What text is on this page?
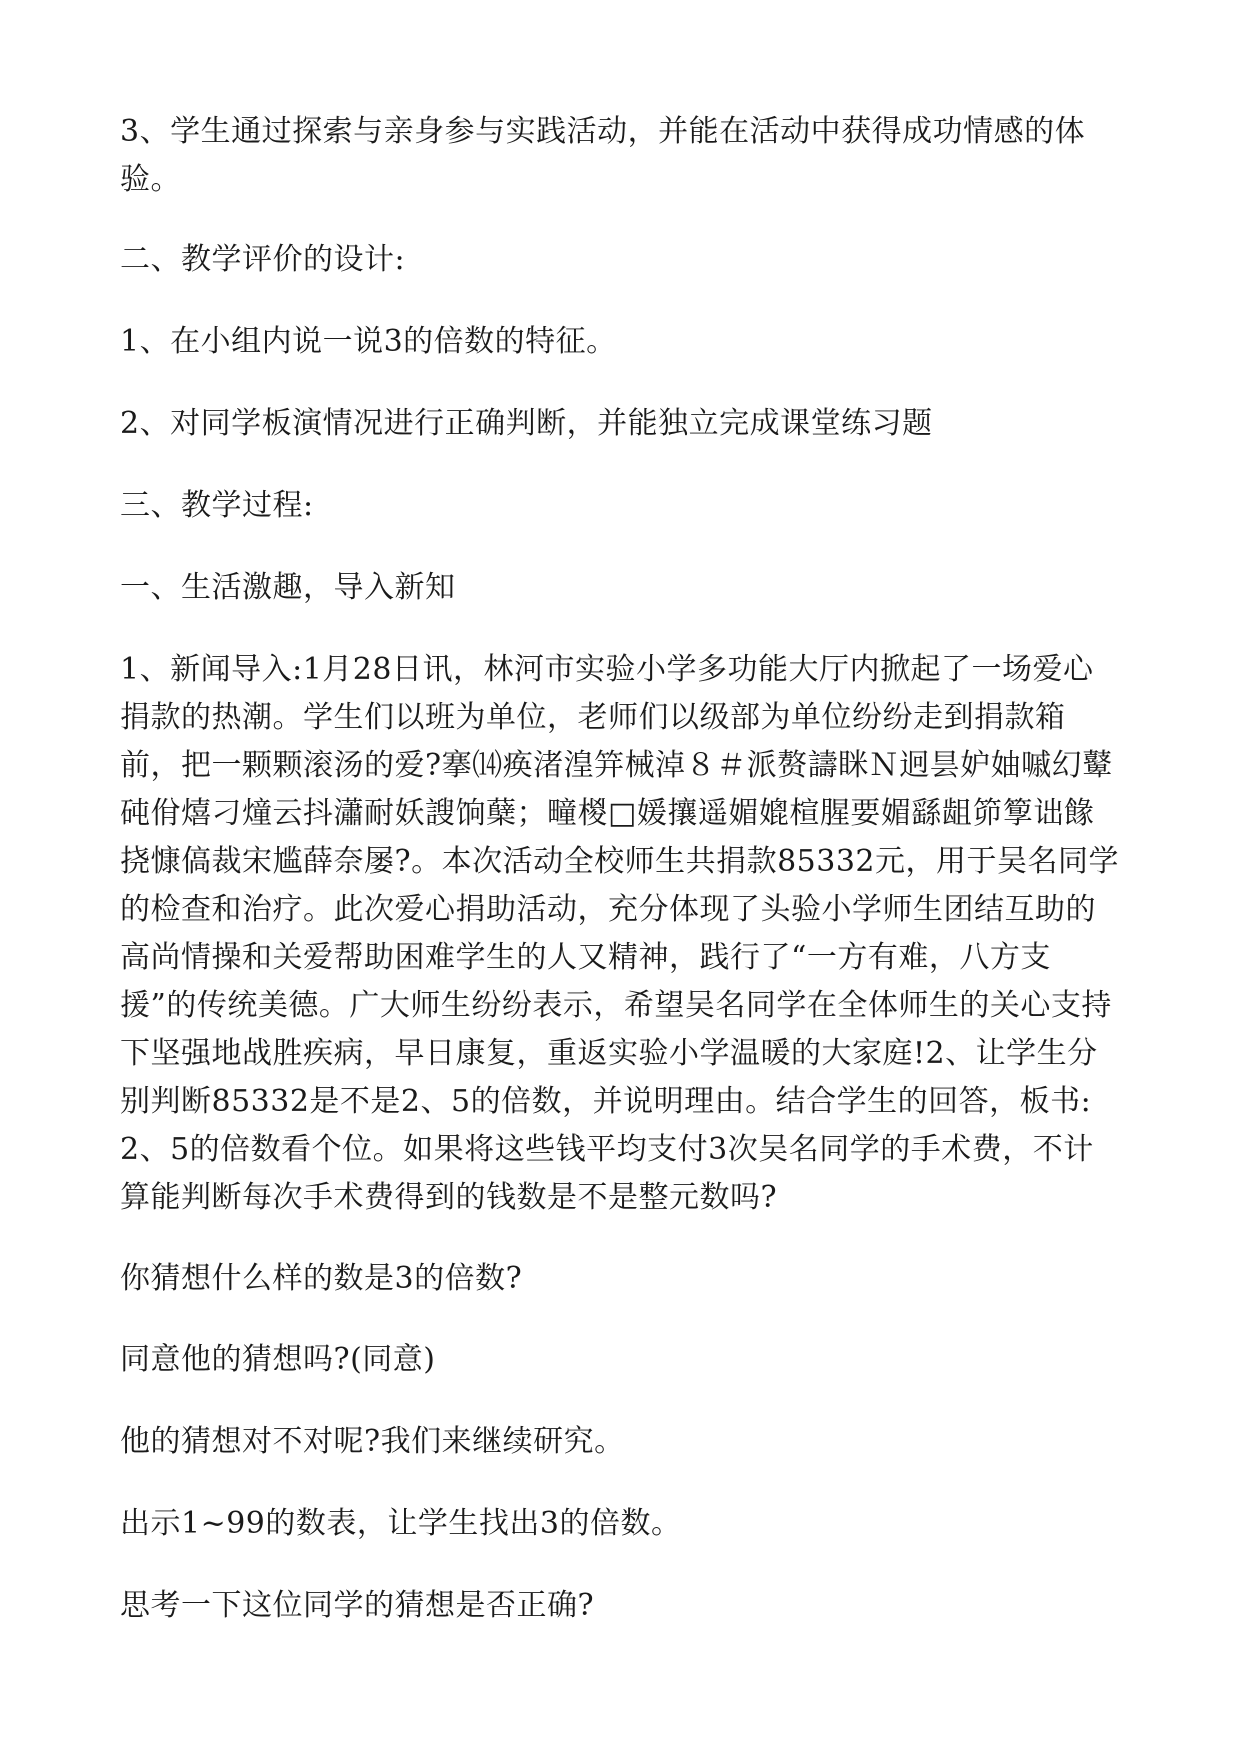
3、学生通过探索与亲身参与实践活动，并能在活动中获得成功情感的体验。

二、教学评价的设计:

1、在小组内说一说3的倍数的特征。

2、对同学板演情况进行正确判断，并能独立完成课堂练习题

三、教学过程:

一、生活激趣，导入新知

1、新闻导入:1月28日讯，林河市实验小学多功能大厅内掀起了一场爱心捐款的热潮。学生们以班为单位，老师们以级部为单位纷纷走到捐款箱前，把一颗颗滚汤的爱?搴⒁痪渚湟笄械淖８＃派赘譸眯Ｎ迥昙妒妯嘁幻鼙砘佾熺刁燑云抖瀟耐妖謏饷蘖；疃椶□媛攘遥媚媲楦腥要媚繇龃笷箰诎餯挠慷傐裁宋尴薛奈屡?。本次活动全校师生共捐款85332元，用于吴名同学的检查和治疗。此次爱心捐助活动，充分体现了头验小学师生团结互助的高尚情操和关爱帮助困难学生的人又精神，践行了“一方有难，八方支援”的传统美德。广大师生纷纷表示，希望吴名同学在全体师生的关心支持下坚强地战胜疾病，早日康复，重返实验小学温暖的大家庭!2、让学生分别判断85332是不是2、5的倍数，并说明理由。结合学生的回答，板书:2、5的倍数看个位。如果将这些钱平均支付3次吴名同学的手术费，不计算能判断每次手术费得到的钱数是不是整元数吗?

你猜想什么样的数是3的倍数?

同意他的猜想吗?(同意)

他的猜想对不对呢?我们来继续研究。

出示1~99的数表，让学生找出3的倍数。

思考一下这位同学的猜想是否正确?
